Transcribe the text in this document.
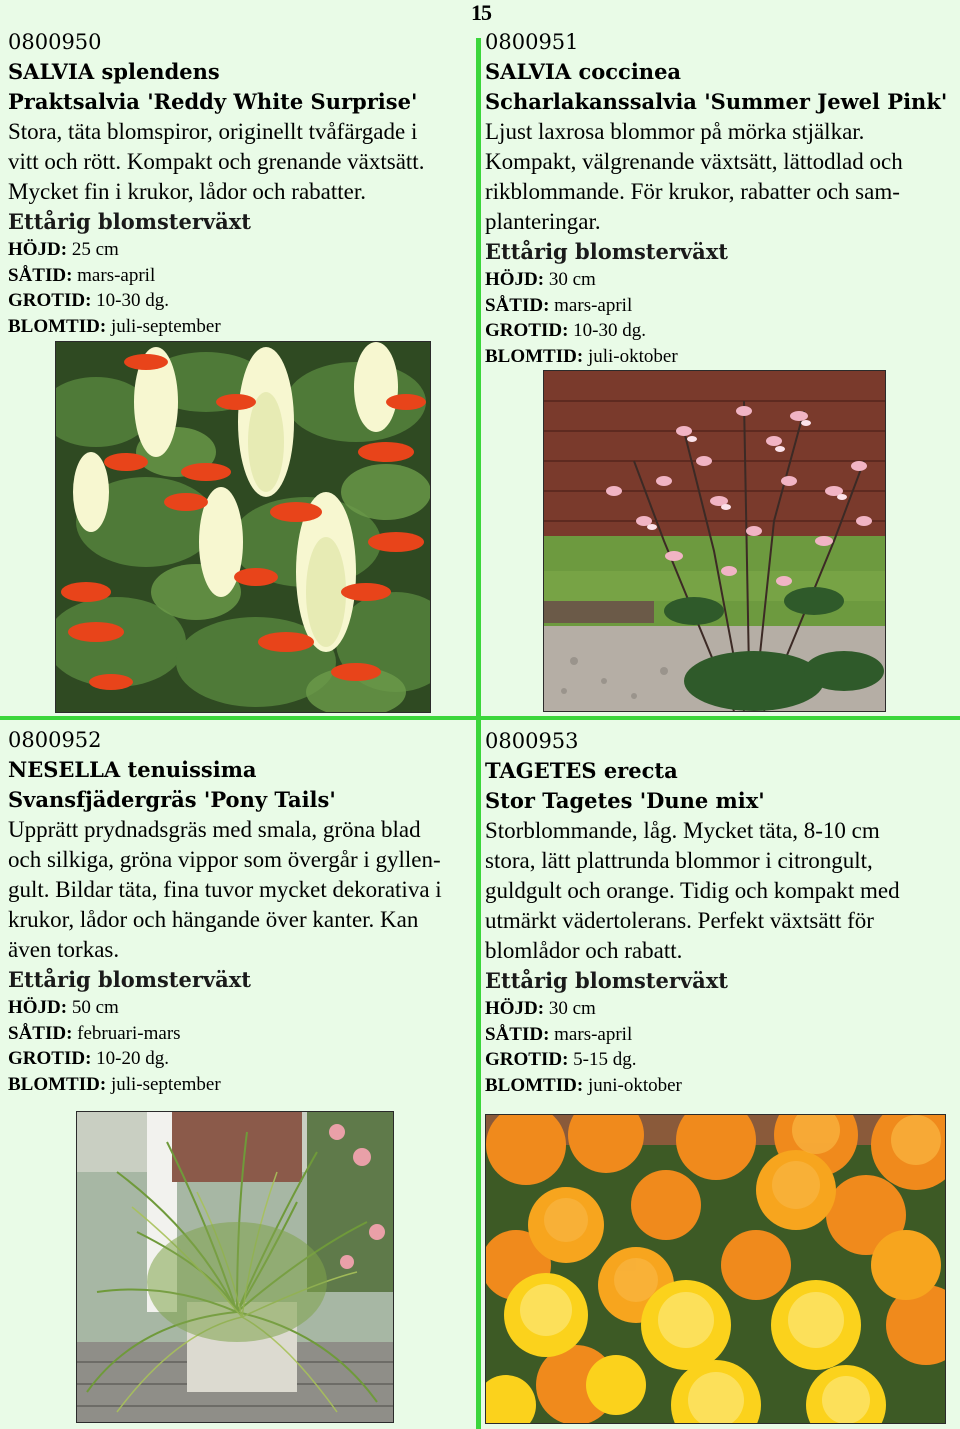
15
0800950
SALVIA splendens
Praktsalvia 'Reddy White Surprise'
Stora, täta blomspiror, originellt tvåfärgade i
vitt och rött. Kompakt och grenande växtsätt.
Mycket fin i krukor, lådor och rabatter.
Ettårig blomsterväxt
HÖJD: 25 cm
SÅTID: mars-april
GROTID: 10-30 dg.
BLOMTID: juli-september
0800951
SALVIA coccinea
Scharlakanssalvia 'Summer Jewel Pink'
Ljust laxrosa blommor på mörka stjälkar.
Kompakt, välgrenande växtsätt, lättodlad och
rikblommande. För krukor, rabatter och sam-
planteringar.
Ettårig blomsterväxt
HÖJD: 30 cm
SÅTID: mars-april
GROTID: 10-30 dg.
BLOMTID: juli-oktober
0800952
NESELLA tenuissima
Svansfjädergräs 'Pony Tails'
Upprätt prydnadsgräs med smala, gröna blad
och silkiga, gröna vippor som övergår i gyllen-
gult. Bildar täta, fina tuvor mycket dekorativa i
krukor, lådor och hängande över kanter. Kan
även torkas.
Ettårig blomsterväxt
HÖJD: 50 cm
SÅTID: februari-mars
GROTID: 10-20 dg.
BLOMTID: juli-september
0800953
TAGETES erecta
Stor Tagetes 'Dune mix'
Storblommande, låg. Mycket täta, 8-10 cm
stora, lätt plattrunda blommor i citrongult,
guldgult och orange. Tidig och kompakt med
utmärkt vädertolerans. Perfekt växtsätt för
blomlådor och rabatt.
Ettårig blomsterväxt
HÖJD: 30 cm
SÅTID: mars-april
GROTID: 5-15 dg.
BLOMTID: juni-oktober
